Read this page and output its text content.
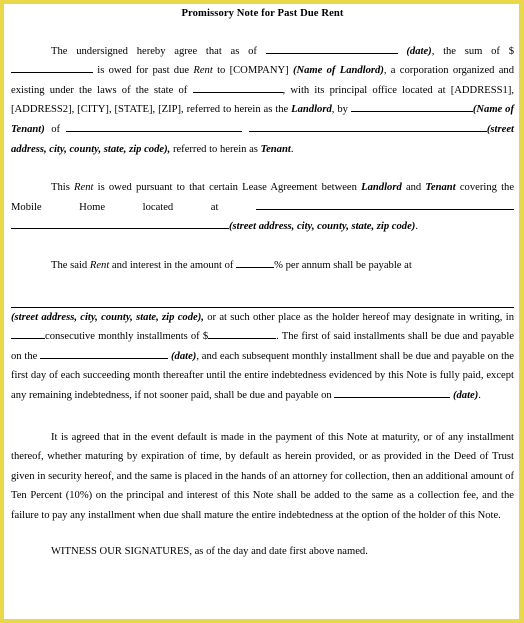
Promissory Note for Past Due Rent

The undersigned hereby agree that as of	(date), the sum of $ is owed for past due Rent to [COMPANY] (Name of Landlord), a corporation organized and existing under the laws of the state of	, with its principal office located at [ADDRESS1], [ADDRESS2], [CITY], [STATE], [ZIP], referred to herein as the Landlord, by	(Name of Tenant) of	(street address, city, county, state, zip code), referred to herein as Tenant.

This Rent is owed pursuant to that certain Lease Agreement between Landlord and Tenant covering the Mobile Home located at  (street address, city, county, state, zip code).

The said Rent and interest in the amount of	% per annum shall be payable at

(street address, city, county, state, zip code), or at such other place as the holder hereof may designate in writing, in consecutive monthly installments of $	. The first of said installments shall be due and payable on the	(date), and each subsequent monthly installment shall be due and payable on the first day of each succeeding month thereafter until the entire indebtedness evidenced by this Note is fully paid, except any remaining indebtedness, if not sooner paid, shall be due and payable on	(date).

It is agreed that in the event default is made in the payment of this Note at maturity, or of any installment thereof, whether maturing by expiration of time, by default as herein provided, or as provided in the Deed of Trust given in security hereof, and the same is placed in the hands of an attorney for collection, then an additional amount of Ten Percent (10%) on the principal and interest of this Note shall be added to the same as a collection fee, and the failure to pay any installment when due shall mature the entire indebtedness at the option of the holder of this Note.

WITNESS OUR SIGNATURES, as of the day and date first above named.
